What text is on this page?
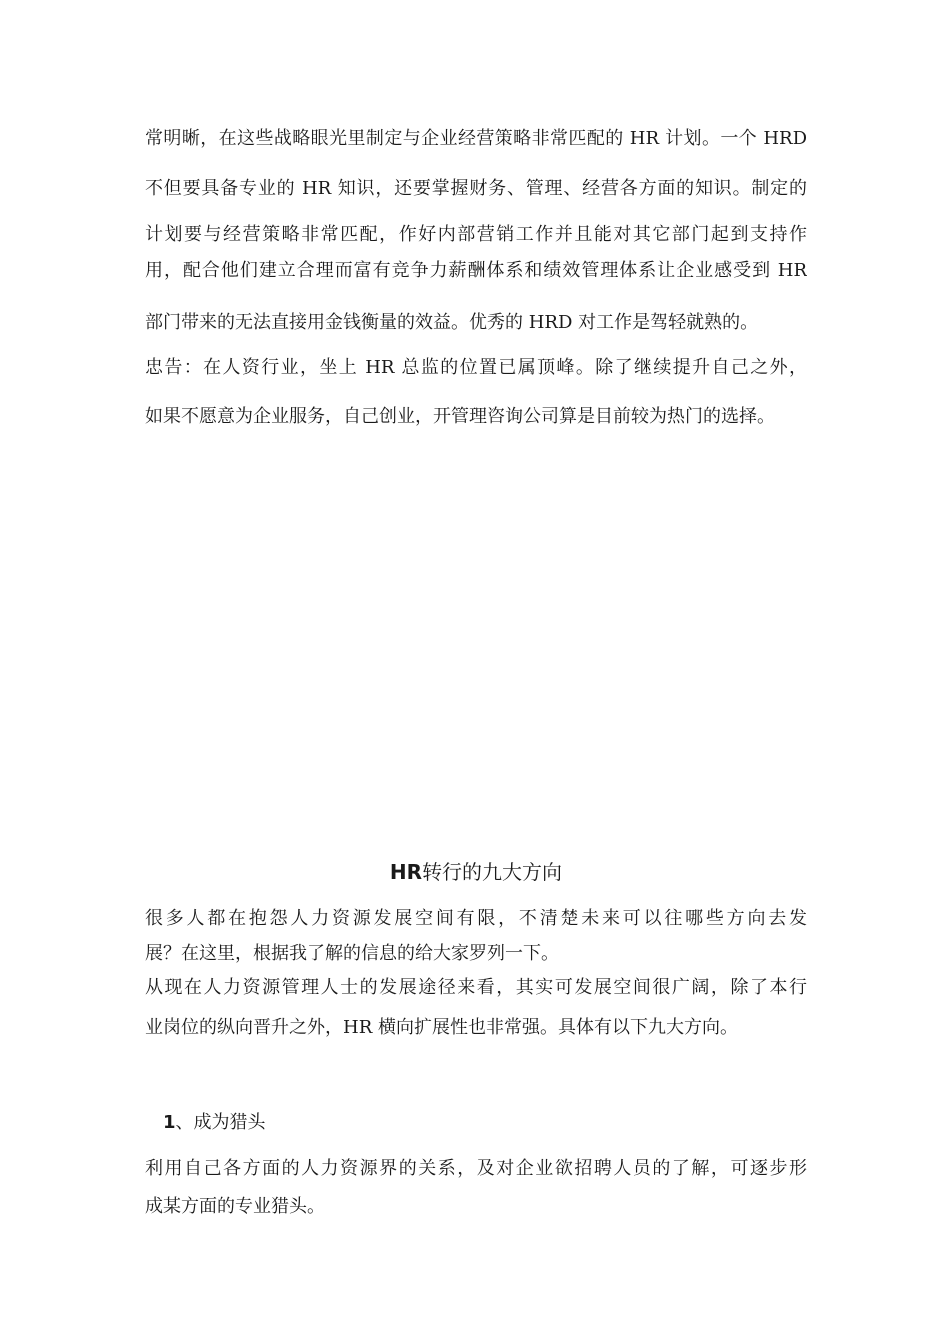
常明晰，在这些战略眼光里制定与企业经营策略非常匹配的 HR 计划。一个 HRD
不但要具备专业的 HR 知识，还要掌握财务、管理、经营各方面的知识。制定的
计划要与经营策略非常匹配，作好内部营销工作并且能对其它部门起到支持作
用，配合他们建立合理而富有竞争力薪酬体系和绩效管理体系让企业感受到 HR
部门带来的无法直接用金钱衡量的效益。优秀的 HRD 对工作是驾轻就熟的。
忠告：在人资行业，坐上 HR 总监的位置已属顶峰。除了继续提升自己之外，
如果不愿意为企业服务，自己创业，开管理咨询公司算是目前较为热门的选择。
HR转行的九大方向
很多人都在抱怨人力资源发展空间有限，不清楚未来可以往哪些方向去发
展？在这里，根据我了解的信息的给大家罗列一下。
从现在人力资源管理人士的发展途径来看，其实可发展空间很广阔，除了本行
业岗位的纵向晋升之外，HR 横向扩展性也非常强。具体有以下九大方向。
1、成为猎头
利用自己各方面的人力资源界的关系，及对企业欲招聘人员的了解，可逐步形
成某方面的专业猎头。
